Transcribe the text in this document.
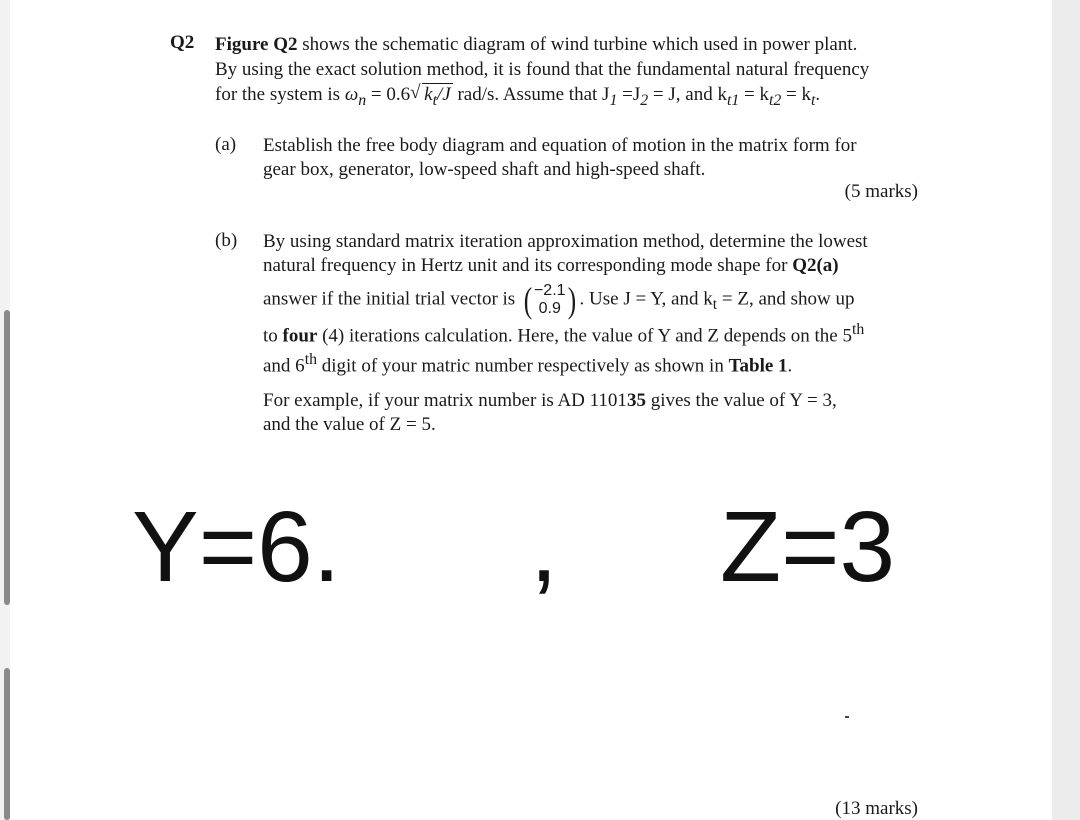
Q2 Figure Q2 shows the schematic diagram of wind turbine which used in power plant.

By using the exact solution method, it is found that the fundamental natural frequency

for the system is $\omega_n = 0.6√$ $k_t/J$ rad/s. Assume that $J_1 =J_2 = J$, and $k_{t1} = k_{t2} = k_t$.

(a) Establish the free body diagram and equation of motion in the matrix form for

gear box, generator, low-speed shaft and high-speed shaft.

(5 marks)
(b) By using standard matrix iteration approximation method, determine the lowest

natural frequency in Hertz unit and its corresponding mode shape for Q2(a)

answer if the initial trial vector is ( −2.1
0.9 ) . Use J = Y, and $k_t = Z$, and show up

to four (4) iterations calculation. Here, the value of Y and Z depends on the 5th

and 6th digit of your matric number respectively as shown in Table 1.

For example, if your matrix number is AD 110135 gives the value of Y = 3,

and the value of Z = 5.

Y=6. , Z=3
(13 marks)
